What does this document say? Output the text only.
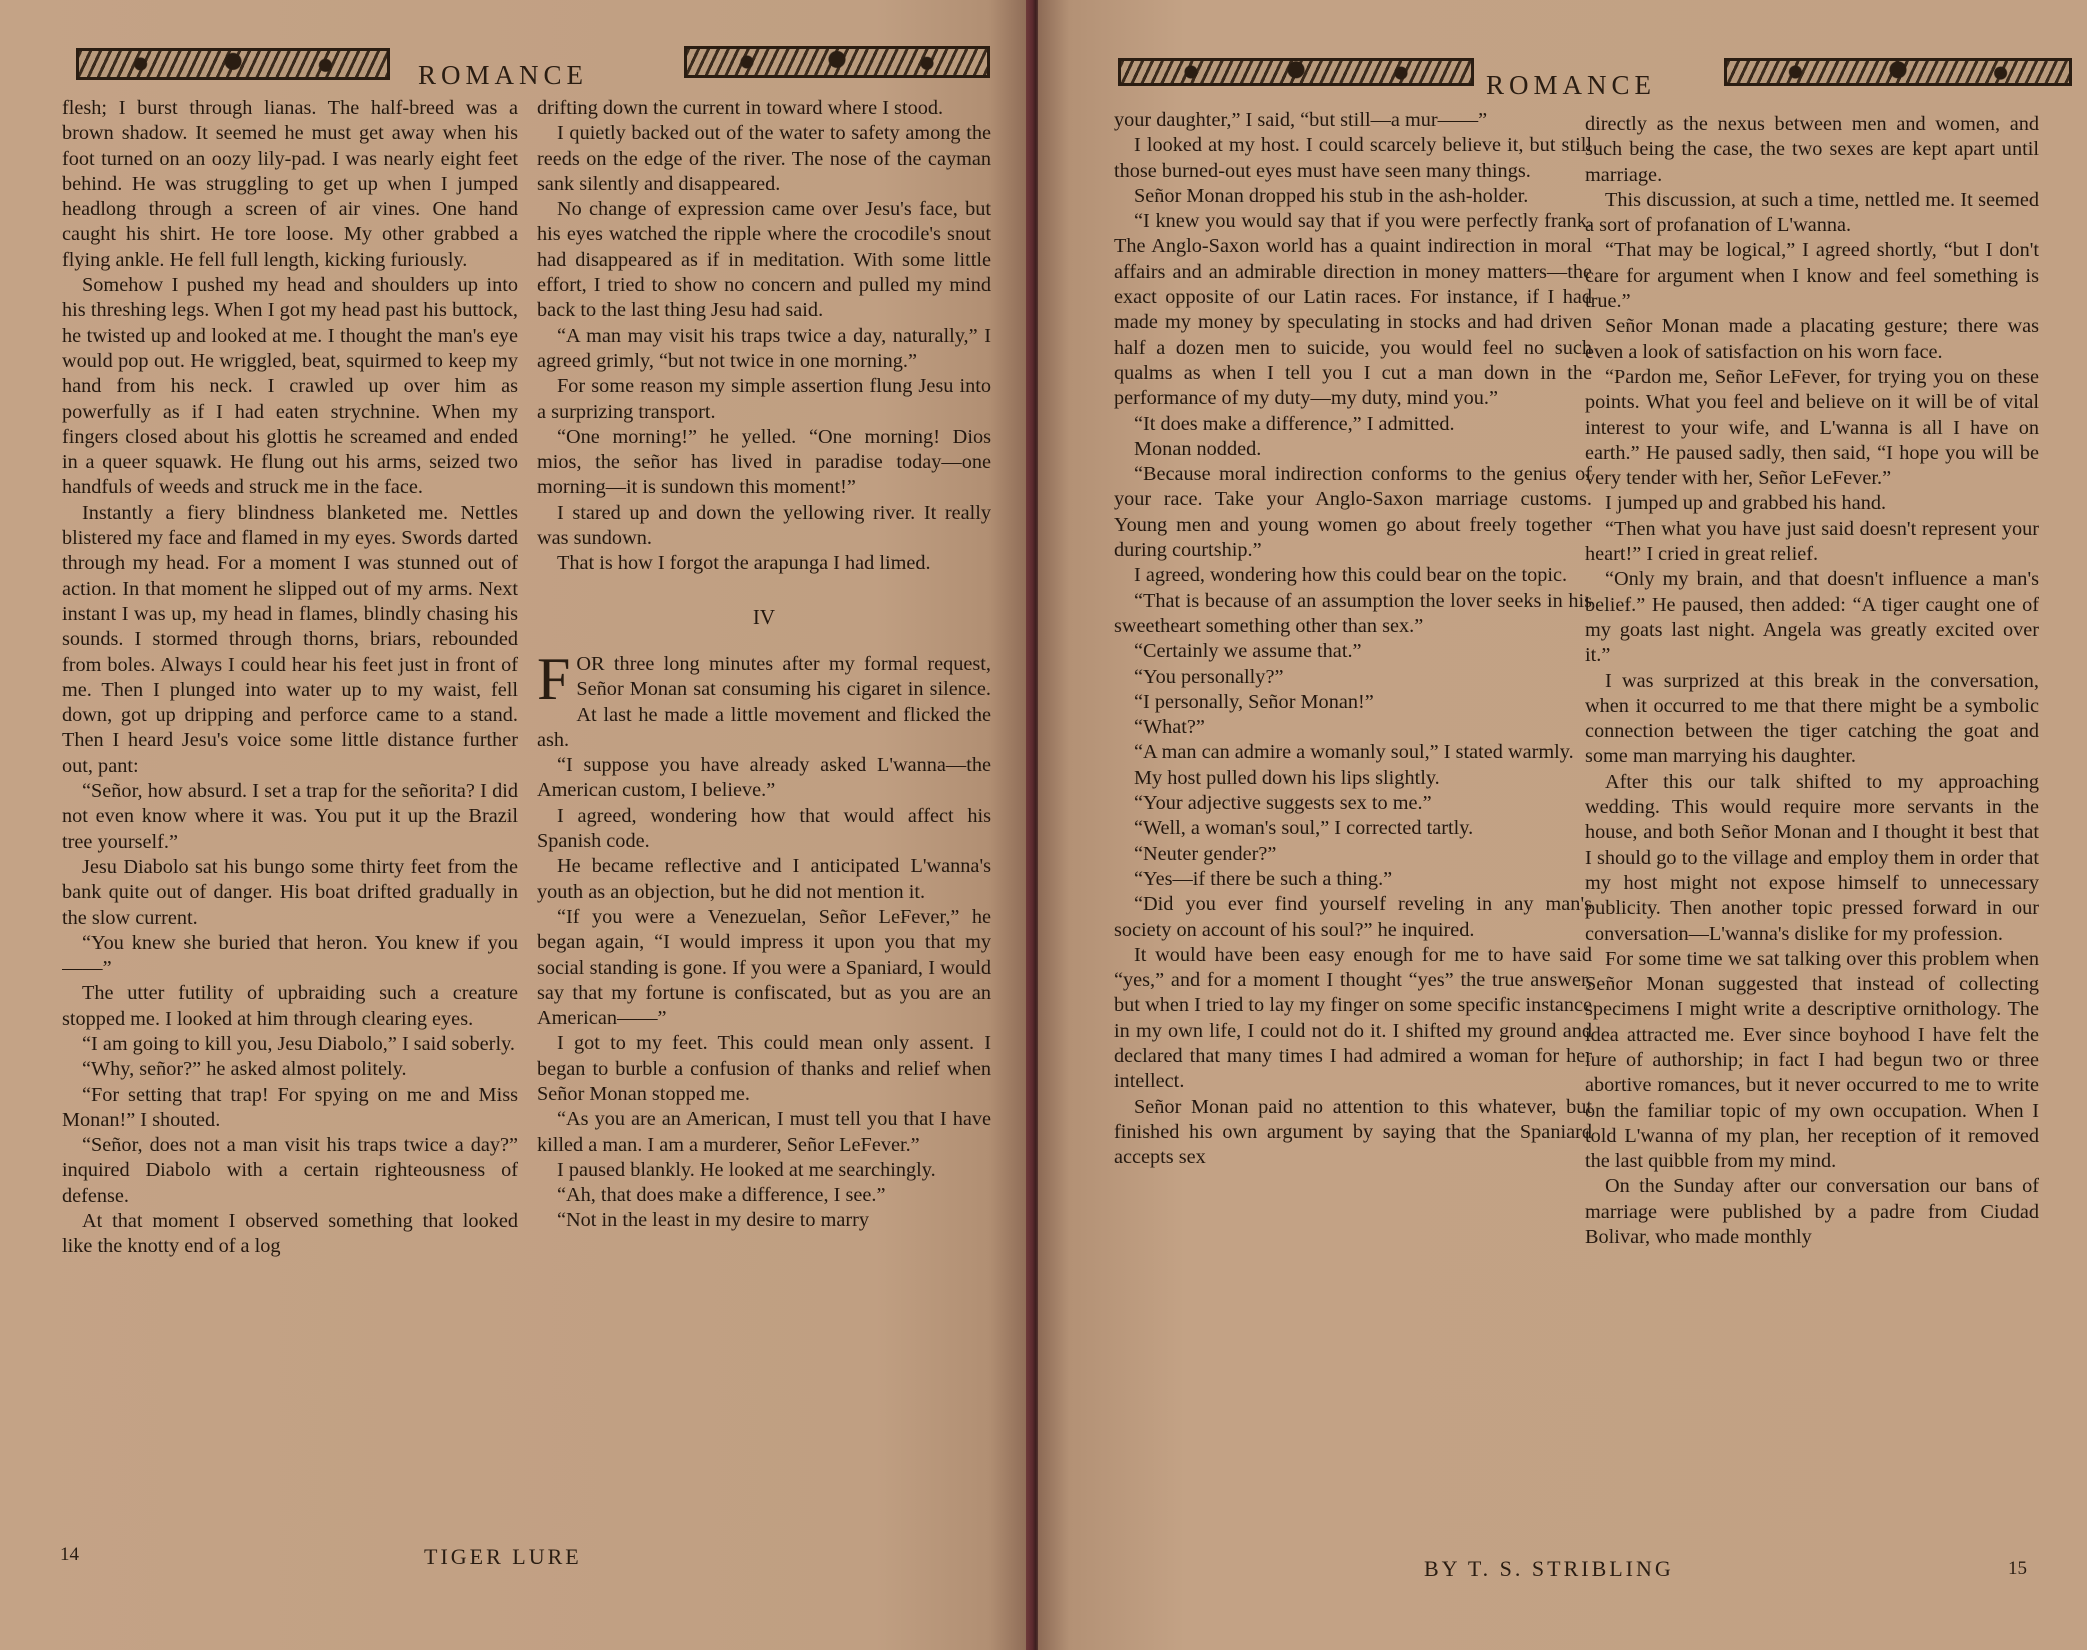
ROMANCE

flesh; I burst through lianas. The half-breed was a brown shadow. It seemed he must get away when his foot turned on an oozy lily-pad. I was nearly eight feet behind. He was struggling to get up when I jumped headlong through a screen of air vines. One hand caught his shirt. He tore loose. My other grabbed a flying ankle. He fell full length, kicking furiously.

Somehow I pushed my head and shoulders up into his threshing legs. When I got my head past his buttock, he twisted up and looked at me. I thought the man's eye would pop out. He wriggled, beat, squirmed to keep my hand from his neck. I crawled up over him as powerfully as if I had eaten strychnine. When my fingers closed about his glottis he screamed and ended in a queer squawk. He flung out his arms, seized two handfuls of weeds and struck me in the face.

Instantly a fiery blindness blanketed me. Nettles blistered my face and flamed in my eyes. Swords darted through my head. For a moment I was stunned out of action. In that moment he slipped out of my arms. Next instant I was up, my head in flames, blindly chasing his sounds. I stormed through thorns, briars, rebounded from boles. Always I could hear his feet just in front of me. Then I plunged into water up to my waist, fell down, got up dripping and perforce came to a stand. Then I heard Jesu's voice some little distance further out, pant:

“Señor, how absurd. I set a trap for the señorita? I did not even know where it was. You put it up the Brazil tree yourself.”

Jesu Diabolo sat his bungo some thirty feet from the bank quite out of danger. His boat drifted gradually in the slow current.

“You knew she buried that heron. You knew if you——”

The utter futility of upbraiding such a creature stopped me. I looked at him through clearing eyes.

“I am going to kill you, Jesu Diabolo,” I said soberly.

“Why, señor?” he asked almost politely.

“For setting that trap! For spying on me and Miss Monan!” I shouted.

“Señor, does not a man visit his traps twice a day?” inquired Diabolo with a certain righteousness of defense.

At that moment I observed something that looked like the knotty end of a log

drifting down the current in toward where I stood.

I quietly backed out of the water to safety among the reeds on the edge of the river. The nose of the cayman sank silently and disappeared.

No change of expression came over Jesu's face, but his eyes watched the ripple where the crocodile's snout had disappeared as if in meditation. With some little effort, I tried to show no concern and pulled my mind back to the last thing Jesu had said.

“A man may visit his traps twice a day, naturally,” I agreed grimly, “but not twice in one morning.”

For some reason my simple assertion flung Jesu into a surprizing transport.

“One morning!” he yelled. “One morning! Dios mios, the señor has lived in paradise today—one morning—it is sundown this moment!”

I stared up and down the yellowing river. It really was sundown.

That is how I forgot the arapunga I had limed.

IV

FOR three long minutes after my formal request, Señor Monan sat consuming his cigaret in silence. At last he made a little movement and flicked the ash.

“I suppose you have already asked L'wanna—the American custom, I believe.”

I agreed, wondering how that would affect his Spanish code.

He became reflective and I anticipated L'wanna's youth as an objection, but he did not mention it.

“If you were a Venezuelan, Señor LeFever,” he began again, “I would impress it upon you that my social standing is gone. If you were a Spaniard, I would say that my fortune is confiscated, but as you are an American——”

I got to my feet. This could mean only assent. I began to burble a confusion of thanks and relief when Señor Monan stopped me.

“As you are an American, I must tell you that I have killed a man. I am a murderer, Señor LeFever.”

I paused blankly. He looked at me searchingly.

“Ah, that does make a difference, I see.”

“Not in the least in my desire to marry

14	TIGER LURE
ROMANCE

your daughter,” I said, “but still—a mur——”

I looked at my host. I could scarcely believe it, but still those burned-out eyes must have seen many things.

Señor Monan dropped his stub in the ash-holder.

“I knew you would say that if you were perfectly frank. The Anglo-Saxon world has a quaint indirection in moral affairs and an admirable direction in money matters—the exact opposite of our Latin races. For instance, if I had made my money by speculating in stocks and had driven half a dozen men to suicide, you would feel no such qualms as when I tell you I cut a man down in the performance of my duty—my duty, mind you.”

“It does make a difference,” I admitted.

Monan nodded.

“Because moral indirection conforms to the genius of your race. Take your Anglo-Saxon marriage customs. Young men and young women go about freely together during courtship.”

I agreed, wondering how this could bear on the topic.

“That is because of an assumption the lover seeks in his sweetheart something other than sex.”

“Certainly we assume that.”

“You personally?”

“I personally, Señor Monan!”

“What?”

“A man can admire a womanly soul,” I stated warmly.

My host pulled down his lips slightly.

“Your adjective suggests sex to me.”

“Well, a woman's soul,” I corrected tartly.

“Neuter gender?”

“Yes—if there be such a thing.”

“Did you ever find yourself reveling in any man's society on account of his soul?” he inquired.

It would have been easy enough for me to have said “yes,” and for a moment I thought “yes” the true answer, but when I tried to lay my finger on some specific instance in my own life, I could not do it. I shifted my ground and declared that many times I had admired a woman for her intellect.

Señor Monan paid no attention to this whatever, but finished his own argument by saying that the Spaniard accepts sex

directly as the nexus between men and women, and such being the case, the two sexes are kept apart until marriage.

This discussion, at such a time, nettled me. It seemed a sort of profanation of L'wanna.

“That may be logical,” I agreed shortly, “but I don't care for argument when I know and feel something is true.”

Señor Monan made a placating gesture; there was even a look of satisfaction on his worn face.

“Pardon me, Señor LeFever, for trying you on these points. What you feel and believe on it will be of vital interest to your wife, and L'wanna is all I have on earth.” He paused sadly, then said, “I hope you will be very tender with her, Señor LeFever.”

I jumped up and grabbed his hand.

“Then what you have just said doesn't represent your heart!” I cried in great relief.

“Only my brain, and that doesn't influence a man's belief.” He paused, then added: “A tiger caught one of my goats last night. Angela was greatly excited over it.”

I was surprized at this break in the conversation, when it occurred to me that there might be a symbolic connection between the tiger catching the goat and some man marrying his daughter.

After this our talk shifted to my approaching wedding. This would require more servants in the house, and both Señor Monan and I thought it best that I should go to the village and employ them in order that my host might not expose himself to unnecessary publicity. Then another topic pressed forward in our conversation—L'wanna's dislike for my profession.

For some time we sat talking over this problem when Señor Monan suggested that instead of collecting specimens I might write a descriptive ornithology. The idea attracted me. Ever since boyhood I have felt the lure of authorship; in fact I had begun two or three abortive romances, but it never occurred to me to write on the familiar topic of my own occupation. When I told L'wanna of my plan, her reception of it removed the last quibble from my mind.

On the Sunday after our conversation our bans of marriage were published by a padre from Ciudad Bolivar, who made monthly

BY T. S. STRIBLING	15
